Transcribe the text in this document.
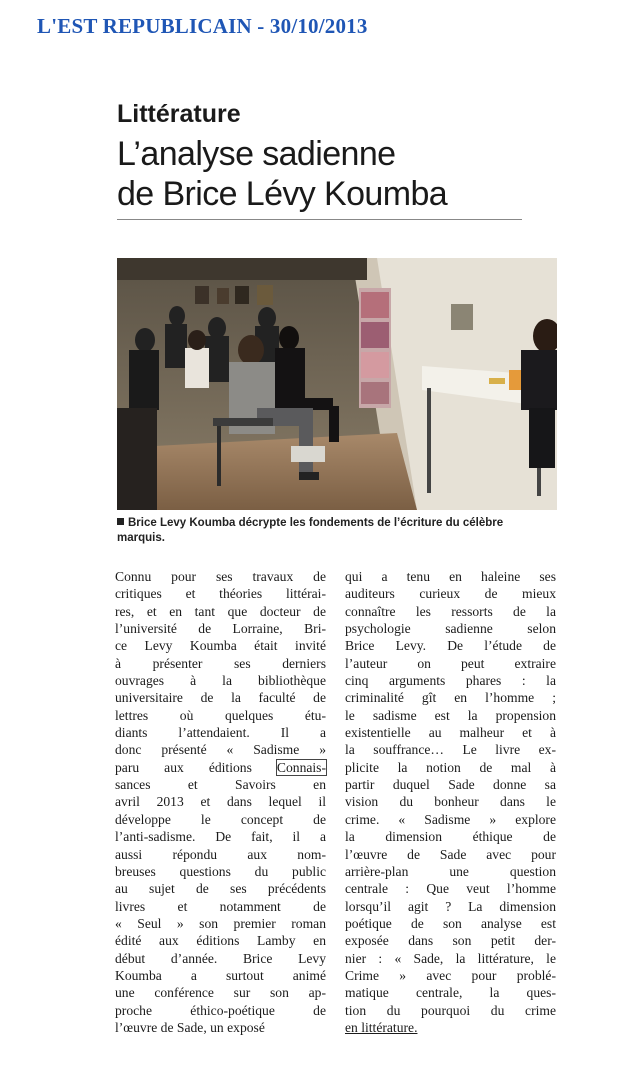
L'EST REPUBLICAIN - 30/10/2013
Littérature
L’analyse sadienne
de Brice Lévy Koumba
Brice Levy Koumba décrypte les fondements de l’écriture du célèbre marquis.
Connu pour ses travaux de
critiques et théories littérai-
res, et en tant que docteur de
l’université de Lorraine, Bri-
ce Levy Koumba était invité
à présenter ses derniers
ouvrages à la bibliothèque
universitaire de la faculté de
lettres où quelques étu-
diants l’attendaient. Il a
donc présenté « Sadisme »
paru aux éditions Connais-
sances et Savoirs en
avril 2013 et dans lequel il
développe le concept de
l’anti-sadisme. De fait, il a
aussi répondu aux nom-
breuses questions du public
au sujet de ses précédents
livres et notamment de
« Seul » son premier roman
édité aux éditions Lamby en
début d’année. Brice Levy
Koumba a surtout animé
une conférence sur son ap-
proche éthico-poétique de
l’œuvre de Sade, un exposé
qui a tenu en haleine ses
auditeurs curieux de mieux
connaître les ressorts de la
psychologie sadienne selon
Brice Levy. De l’étude de
l’auteur on peut extraire
cinq arguments phares : la
criminalité gît en l’homme ;
le sadisme est la propension
existentielle au malheur et à
la souffrance… Le livre ex-
plicite la notion de mal à
partir duquel Sade donne sa
vision du bonheur dans le
crime. « Sadisme » explore
la dimension éthique de
l’œuvre de Sade avec pour
arrière-plan une question
centrale : Que veut l’homme
lorsqu’il agit ? La dimension
poétique de son analyse est
exposée dans son petit der-
nier : « Sade, la littérature, le
Crime » avec pour problé-
matique centrale, la ques-
tion du pourquoi du crime
en littérature.
